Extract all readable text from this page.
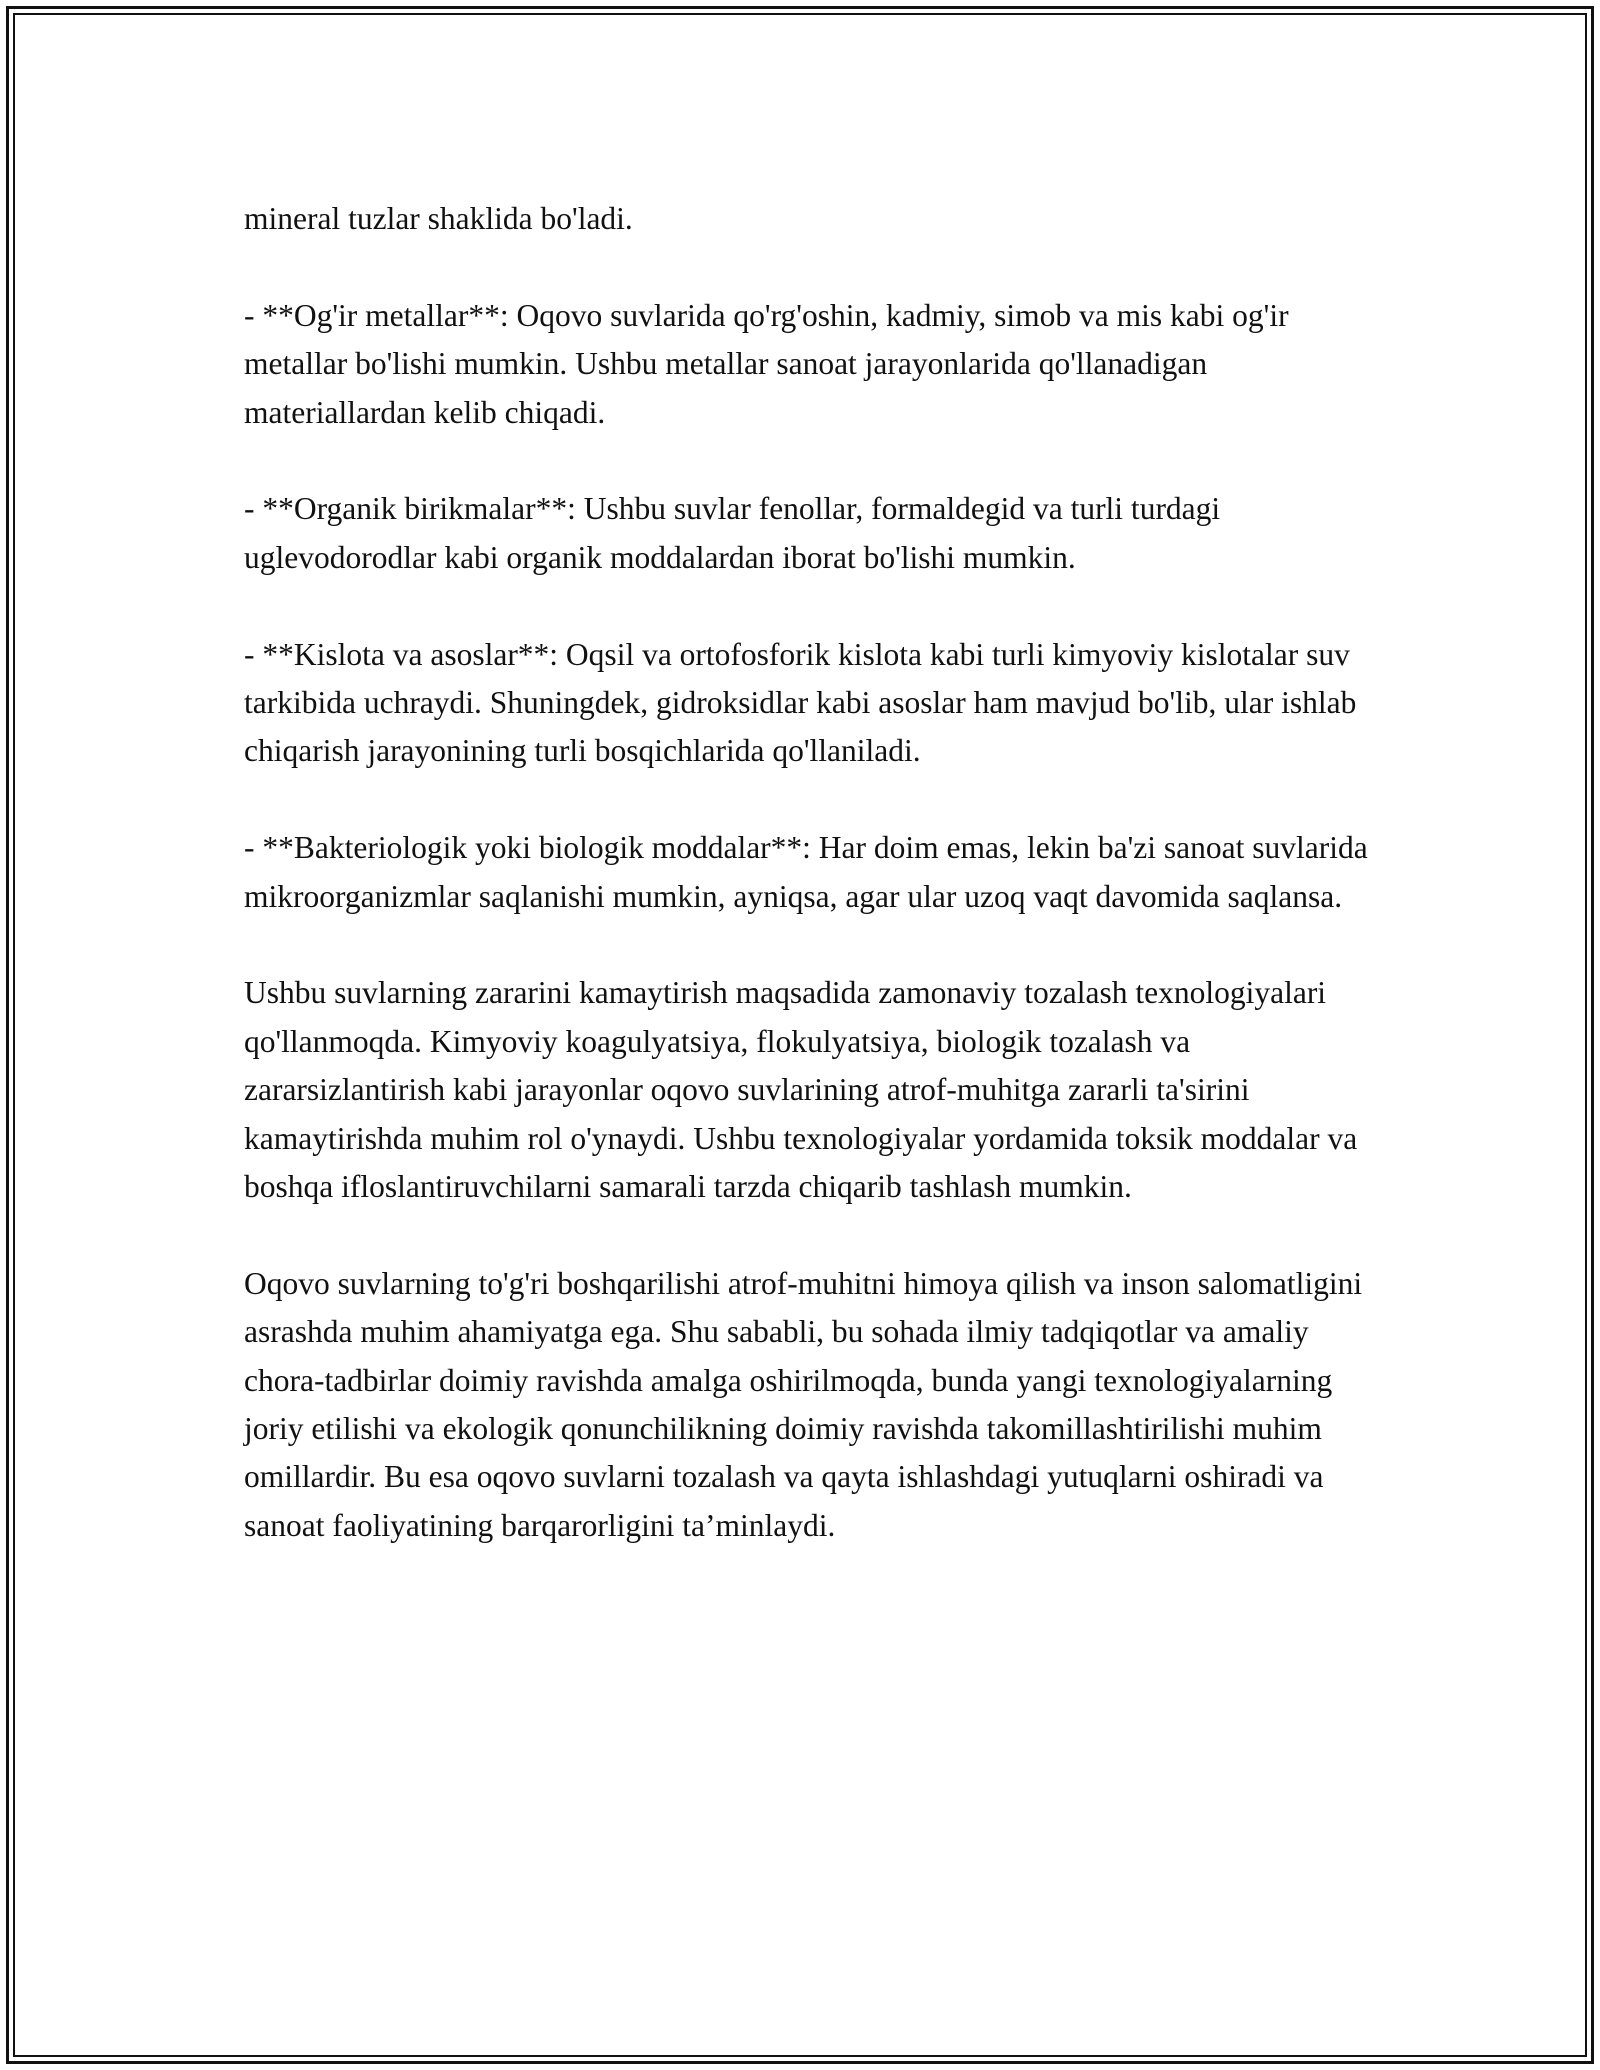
mineral tuzlar shaklida bo'ladi.

- **Og'ir metallar**: Oqovo suvlarida qo'rg'oshin, kadmiy, simob va mis kabi og'ir metallar bo'lishi mumkin. Ushbu metallar sanoat jarayonlarida qo'llanadigan materiallardan kelib chiqadi.

- **Organik birikmalar**: Ushbu suvlar fenollar, formaldegid va turli turdagi uglevodorodlar kabi organik moddalardan iborat bo'lishi mumkin.

- **Kislota va asoslar**: Oqsil va ortofosforik kislota kabi turli kimyoviy kislotalar suv tarkibida uchraydi. Shuningdek, gidroksidlar kabi asoslar ham mavjud bo'lib, ular ishlab chiqarish jarayonining turli bosqichlarida qo'llaniladi.

- **Bakteriologik yoki biologik moddalar**: Har doim emas, lekin ba'zi sanoat suvlarida mikroorganizmlar saqlanishi mumkin, ayniqsa, agar ular uzoq vaqt davomida saqlansa.

Ushbu suvlarning zararini kamaytirish maqsadida zamonaviy tozalash texnologiyalari qo'llanmoqda. Kimyoviy koagulyatsiya, flokulyatsiya, biologik tozalash va zararsizlantirish kabi jarayonlar oqovo suvlarining atrof-muhitga zararli ta'sirini kamaytirishda muhim rol o'ynaydi. Ushbu texnologiyalar yordamida toksik moddalar va boshqa ifloslantiruvchilarni samarali tarzda chiqarib tashlash mumkin.

Oqovo suvlarning to'g'ri boshqarilishi atrof-muhitni himoya qilish va inson salomatligini asrashda muhim ahamiyatga ega. Shu sababli, bu sohada ilmiy tadqiqotlar va amaliy chora-tadbirlar doimiy ravishda amalga oshirilmoqda, bunda yangi texnologiyalarning joriy etilishi va ekologik qonunchilikning doimiy ravishda takomillashtirilishi muhim omillardir. Bu esa oqovo suvlarni tozalash va qayta ishlashdagi yutuqlarni oshiradi va sanoat faoliyatining barqarorligini ta’minlaydi.
